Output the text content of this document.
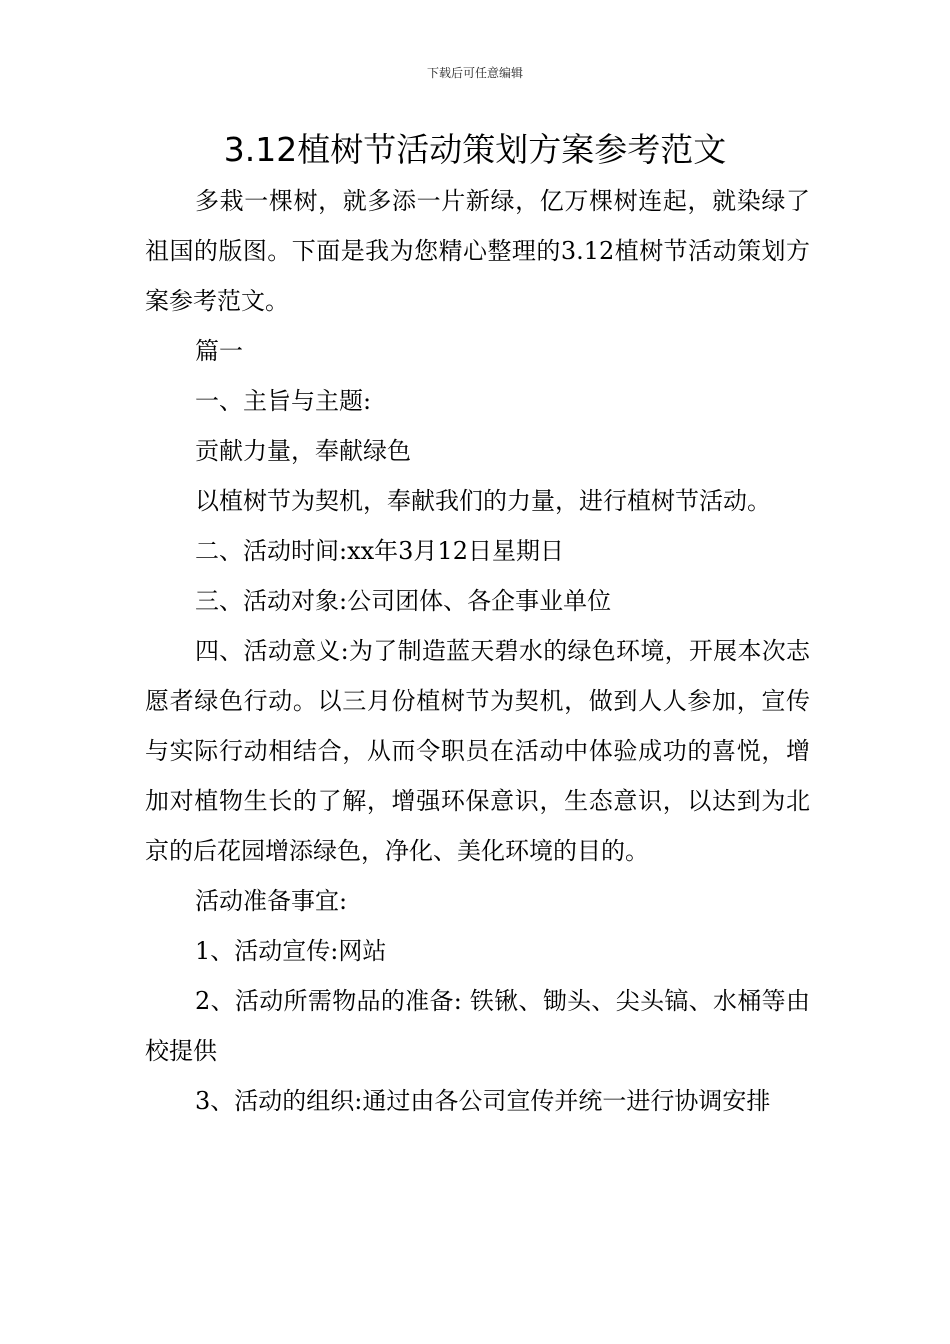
下载后可任意编辑
3.12植树节活动策划方案参考范文

多栽一棵树，就多添一片新绿，亿万棵树连起，就染绿了祖国的版图。下面是我为您精心整理的3.12植树节活动策划方案参考范文。

篇一

一、主旨与主题:

贡献力量，奉献绿色

以植树节为契机，奉献我们的力量，进行植树节活动。

二、活动时间:xx年3月12日星期日

三、活动对象:公司团体、各企事业单位

四、活动意义:为了制造蓝天碧水的绿色环境，开展本次志愿者绿色行动。以三月份植树节为契机，做到人人参加，宣传与实际行动相结合，从而令职员在活动中体验成功的喜悦，增加对植物生长的了解，增强环保意识，生态意识，以达到为北京的后花园增添绿色，净化、美化环境的目的。

活动准备事宜:

1、活动宣传:网站

2、活动所需物品的准备: 铁锹、锄头、尖头镐、水桶等由校提供

3、活动的组织:通过由各公司宣传并统一进行协调安排
